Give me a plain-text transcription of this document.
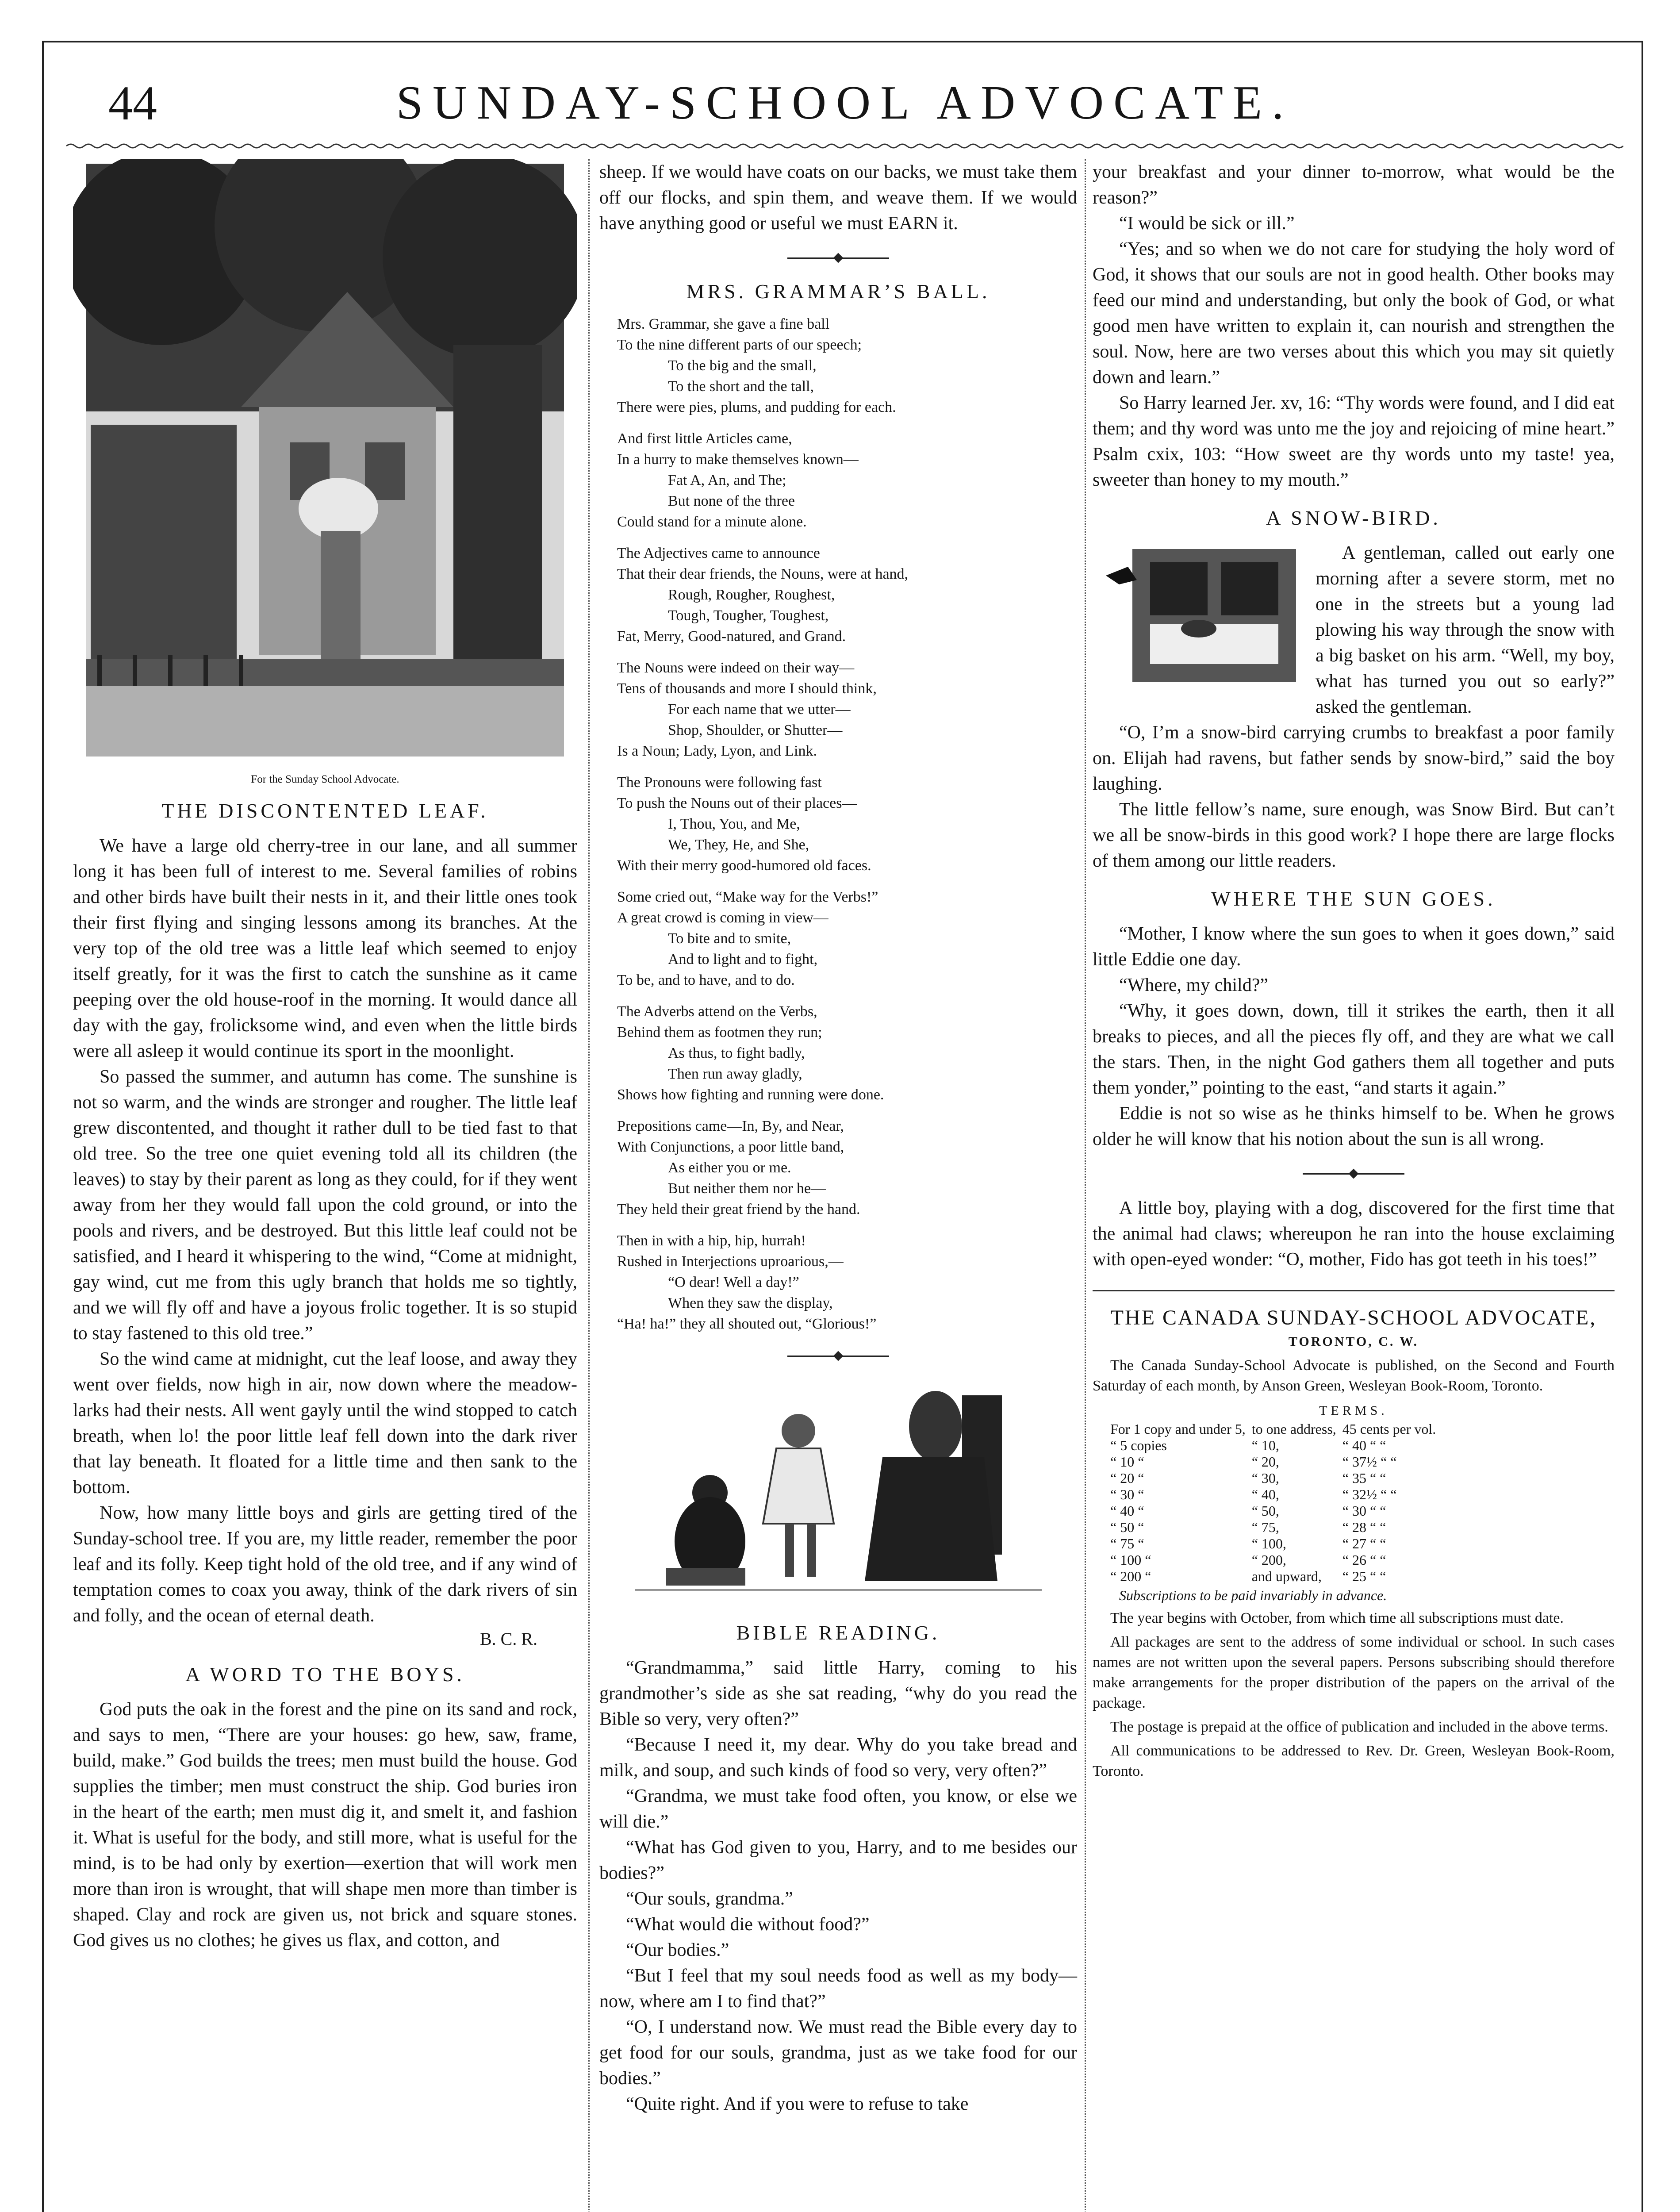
44	SUNDAY-SCHOOL ADVOCATE.
For the Sunday School Advocate.
THE DISCONTENTED LEAF.

We have a large old cherry-tree in our lane, and all summer long it has been full of interest to me. Several families of robins and other birds have built their nests in it, and their little ones took their first flying and singing lessons among its branches. At the very top of the old tree was a little leaf which seemed to enjoy itself greatly, for it was the first to catch the sunshine as it came peeping over the old house-roof in the morning. It would dance all day with the gay, frolicksome wind, and even when the little birds were all asleep it would continue its sport in the moonlight.

So passed the summer, and autumn has come. The sunshine is not so warm, and the winds are stronger and rougher. The little leaf grew discontented, and thought it rather dull to be tied fast to that old tree. So the tree one quiet evening told all its children (the leaves) to stay by their parent as long as they could, for if they went away from her they would fall upon the cold ground, or into the pools and rivers, and be destroyed. But this little leaf could not be satisfied, and I heard it whispering to the wind, “Come at midnight, gay wind, cut me from this ugly branch that holds me so tightly, and we will fly off and have a joyous frolic together. It is so stupid to stay fastened to this old tree.”

So the wind came at midnight, cut the leaf loose, and away they went over fields, now high in air, now down where the meadow-larks had their nests. All went gayly until the wind stopped to catch breath, when lo! the poor little leaf fell down into the dark river that lay beneath. It floated for a little time and then sank to the bottom.

Now, how many little boys and girls are getting tired of the Sunday-school tree. If you are, my little reader, remember the poor leaf and its folly. Keep tight hold of the old tree, and if any wind of temptation comes to coax you away, think of the dark rivers of sin and folly, and the ocean of eternal death.

B. C. R.
A WORD TO THE BOYS.

God puts the oak in the forest and the pine on its sand and rock, and says to men, “There are your houses: go hew, saw, frame, build, make.” God builds the trees; men must build the house. God supplies the timber; men must construct the ship. God buries iron in the heart of the earth; men must dig it, and smelt it, and fashion it. What is useful for the body, and still more, what is useful for the mind, is to be had only by exertion—exertion that will work men more than iron is wrought, that will shape men more than timber is shaped. Clay and rock are given us, not brick and square stones. God gives us no clothes; he gives us flax, and cotton, and

sheep. If we would have coats on our backs, we must take them off our flocks, and spin them, and weave them. If we would have anything good or useful we must EARN it.

MRS. GRAMMAR’S BALL.
Mrs. Grammar, she gave a fine ball
To the nine different parts of our speech;
To the big and the small,
To the short and the tall,
There were pies, plums, and pudding for each.
And first little Articles came,
In a hurry to make themselves known—
Fat A, An, and The;
But none of the three
Could stand for a minute alone.
The Adjectives came to announce
That their dear friends, the Nouns, were at hand,
Rough, Rougher, Roughest,
Tough, Tougher, Toughest,
Fat, Merry, Good-natured, and Grand.
The Nouns were indeed on their way—
Tens of thousands and more I should think,
For each name that we utter—
Shop, Shoulder, or Shutter—
Is a Noun; Lady, Lyon, and Link.
The Pronouns were following fast
To push the Nouns out of their places—
I, Thou, You, and Me,
We, They, He, and She,
With their merry good-humored old faces.
Some cried out, “Make way for the Verbs!”
A great crowd is coming in view—
To bite and to smite,
And to light and to fight,
To be, and to have, and to do.
The Adverbs attend on the Verbs,
Behind them as footmen they run;
As thus, to fight badly,
Then run away gladly,
Shows how fighting and running were done.
Prepositions came—In, By, and Near,
With Conjunctions, a poor little band,
As either you or me.
But neither them nor he—
They held their great friend by the hand.
Then in with a hip, hip, hurrah!
Rushed in Interjections uproarious,—
“O dear! Well a day!”
When they saw the display,
“Ha! ha!” they all shouted out, “Glorious!”
BIBLE READING.

“Grandmamma,” said little Harry, coming to his grandmother’s side as she sat reading, “why do you read the Bible so very, very often?”

“Because I need it, my dear. Why do you take bread and milk, and soup, and such kinds of food so very, very often?”

“Grandma, we must take food often, you know, or else we will die.”

“What has God given to you, Harry, and to me besides our bodies?”

“Our souls, grandma.”

“What would die without food?”

“Our bodies.”

“But I feel that my soul needs food as well as my body—now, where am I to find that?”

“O, I understand now. We must read the Bible every day to get food for our souls, grandma, just as we take food for our bodies.”

“Quite right. And if you were to refuse to take

your breakfast and your dinner to-morrow, what would be the reason?”

“I would be sick or ill.”

“Yes; and so when we do not care for studying the holy word of God, it shows that our souls are not in good health. Other books may feed our mind and understanding, but only the book of God, or what good men have written to explain it, can nourish and strengthen the soul. Now, here are two verses about this which you may sit quietly down and learn.”

So Harry learned Jer. xv, 16: “Thy words were found, and I did eat them; and thy word was unto me the joy and rejoicing of mine heart.” Psalm cxix, 103: “How sweet are thy words unto my taste! yea, sweeter than honey to my mouth.”

A SNOW-BIRD.

A gentleman, called out early one morning after a severe storm, met no one in the streets but a young lad plowing his way through the snow with a big basket on his arm. “Well, my boy, what has turned you out so early?” asked the gentleman.

“O, I’m a snow-bird carrying crumbs to breakfast a poor family on. Elijah had ravens, but father sends by snow-bird,” said the boy laughing.

The little fellow’s name, sure enough, was Snow Bird. But can’t we all be snow-birds in this good work? I hope there are large flocks of them among our little readers.

WHERE THE SUN GOES.

“Mother, I know where the sun goes to when it goes down,” said little Eddie one day.

“Where, my child?”

“Why, it goes down, down, till it strikes the earth, then it all breaks to pieces, and all the pieces fly off, and they are what we call the stars. Then, in the night God gathers them all together and puts them yonder,” pointing to the east, “and starts it again.”

Eddie is not so wise as he thinks himself to be. When he grows older he will know that his notion about the sun is all wrong.

A little boy, playing with a dog, discovered for the first time that the animal had claws; whereupon he ran into the house exclaiming with open-eyed wonder: “O, mother, Fido has got teeth in his toes!”

THE CANADA SUNDAY-SCHOOL ADVOCATE,
TORONTO, C. W.

The Canada Sunday-School Advocate is published, on the Second and Fourth Saturday of each month, by Anson Green, Wesleyan Book-Room, Toronto.

TERMS.
For 1 copy and under 5,	to one address,	45 cents per vol.
“ 5 copies	“ 10,	“ 40 “ “
“ 10 “	“ 20,	“ 37½ “ “
“ 20 “	“ 30,	“ 35 “ “
“ 30 “	“ 40,	“ 32½ “ “
“ 40 “	“ 50,	“ 30 “ “
“ 50 “	“ 75,	“ 28 “ “
“ 75 “	“ 100,	“ 27 “ “
“ 100 “	“ 200,	“ 26 “ “
“ 200 “	and upward,	“ 25 “ “
Subscriptions to be paid invariably in advance.

The year begins with October, from which time all subscriptions must date.

All packages are sent to the address of some individual or school. In such cases names are not written upon the several papers. Persons subscribing should therefore make arrangements for the proper distribution of the papers on the arrival of the package.

The postage is prepaid at the office of publication and included in the above terms.

All communications to be addressed to Rev. Dr. Green, Wesleyan Book-Room, Toronto.
